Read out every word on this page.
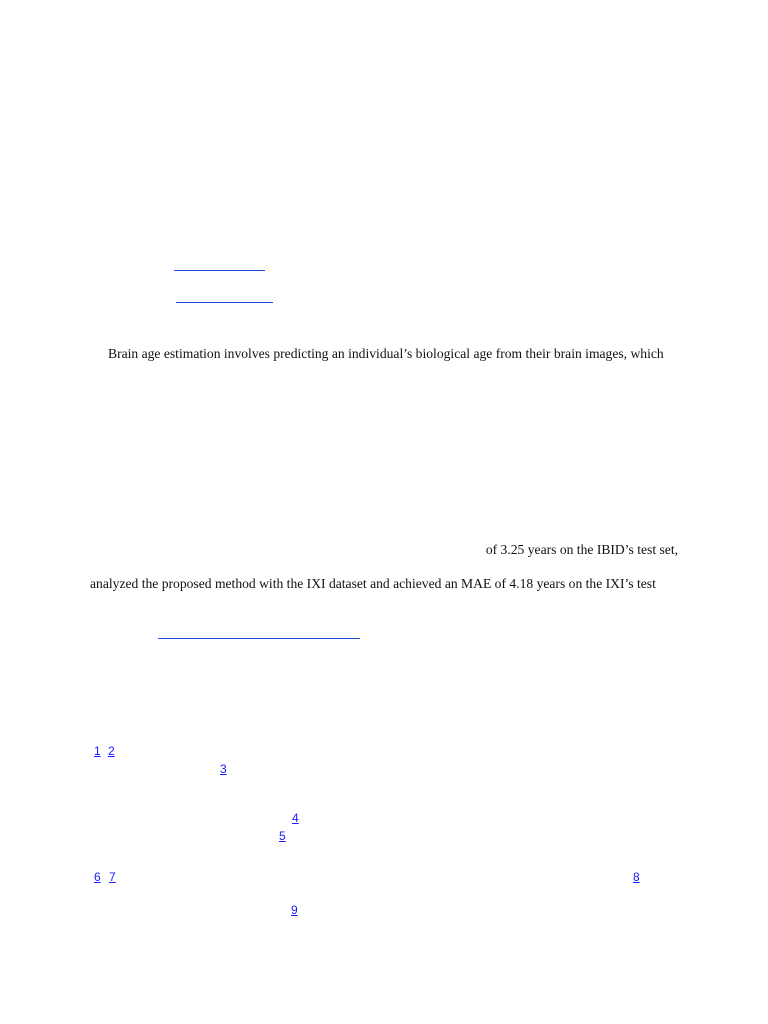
Brain age estimation involves predicting an individual’s biological age from their brain images, which
of 3.25 years on the IBID’s test set,
analyzed the proposed method with the IXI dataset and achieved an MAE of 4.18 years on the IXI’s test
1 2
3
4
5
6 7	8
9
